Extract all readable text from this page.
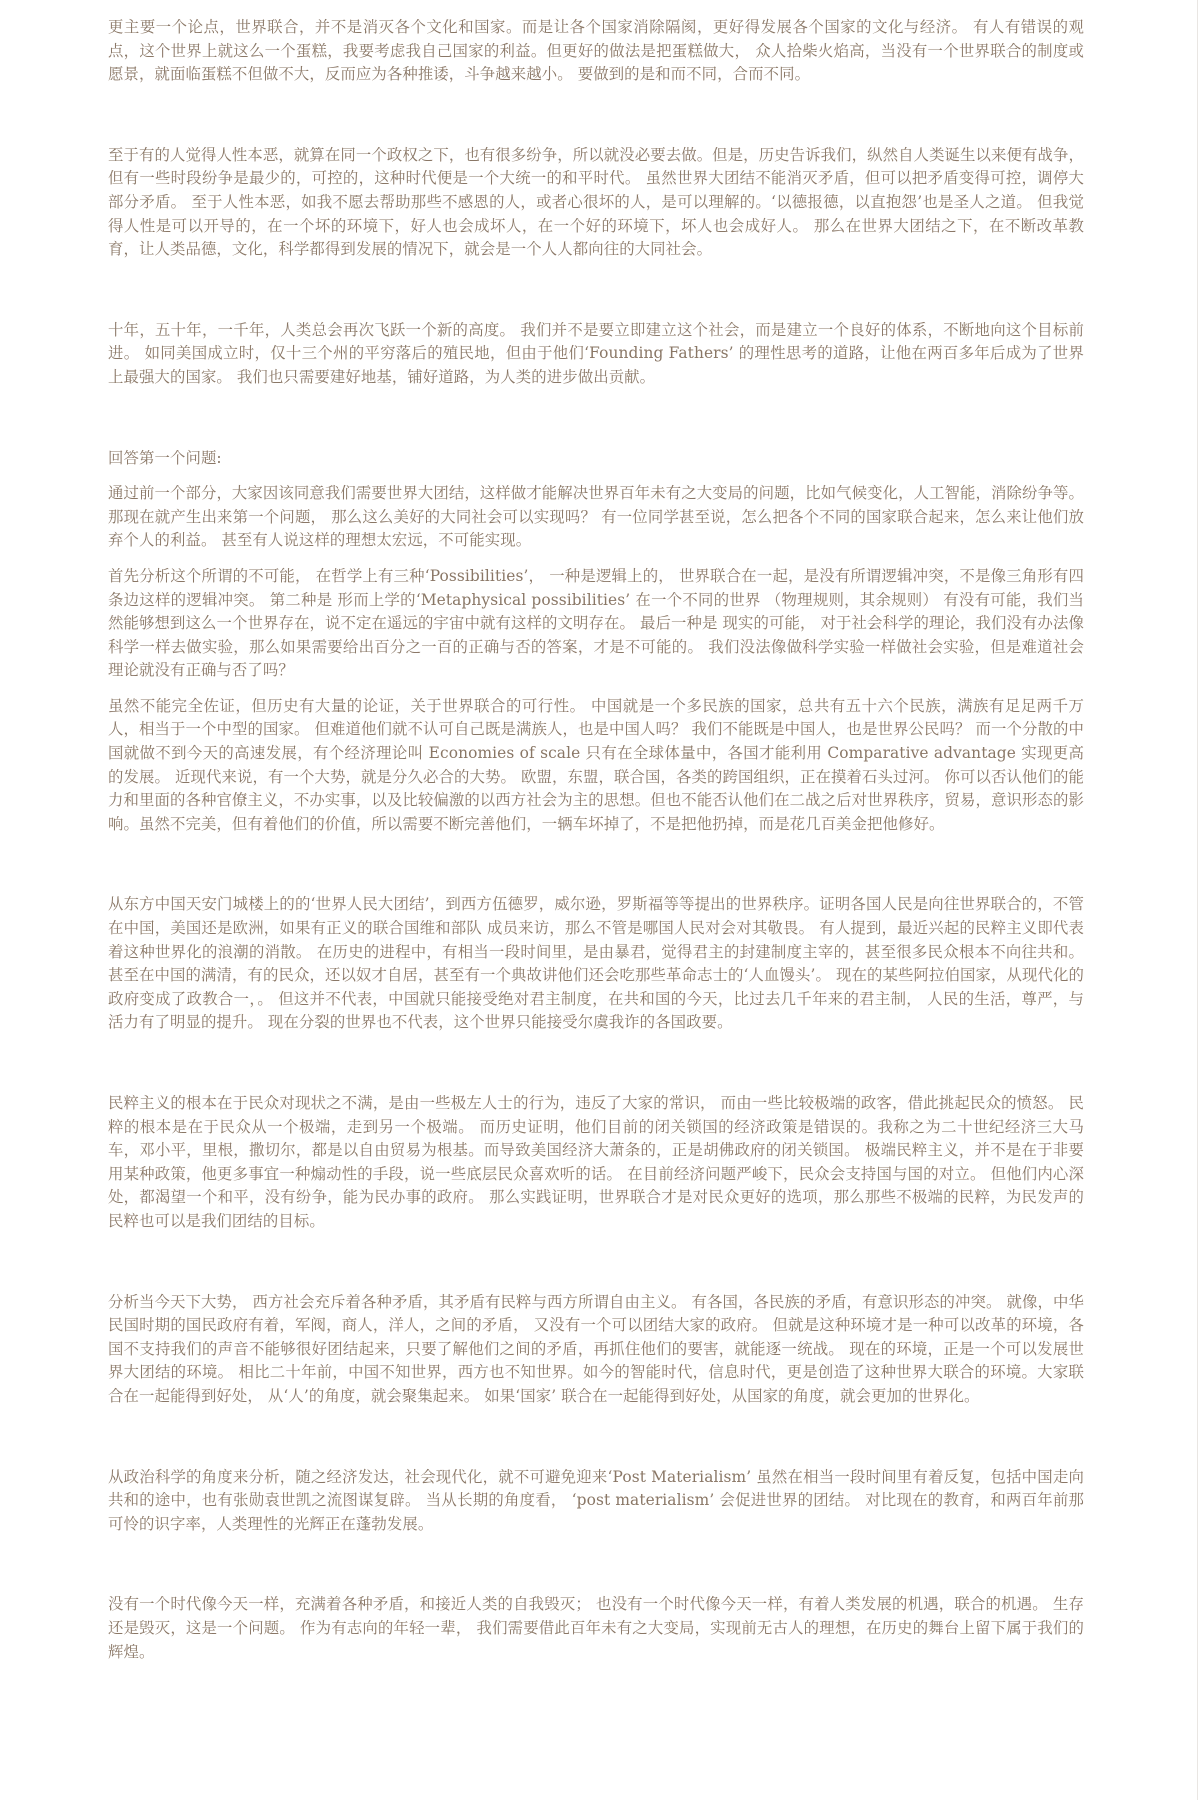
更主要一个论点，世界联合，并不是消灭各个文化和国家。而是让各个国家消除隔阂，更好得发展各个国家的文化与经济。 有人有错误的观点，这个世界上就这么一个蛋糕，我要考虑我自己国家的利益。但更好的做法是把蛋糕做大， 众人拾柴火焰高，当没有一个世界联合的制度或愿景，就面临蛋糕不但做不大，反而应为各种推诿，斗争越来越小。 要做到的是和而不同，合而不同。

至于有的人觉得人性本恶，就算在同一个政权之下，也有很多纷争，所以就没必要去做。但是，历史告诉我们，纵然自人类诞生以来便有战争，但有一些时段纷争是最少的，可控的，这种时代便是一个大统一的和平时代。 虽然世界大团结不能消灭矛盾，但可以把矛盾变得可控，调停大部分矛盾。 至于人性本恶，如我不愿去帮助那些不感恩的人，或者心很坏的人，是可以理解的。‘以德报德，以直抱怨’也是圣人之道。 但我觉得人性是可以开导的，在一个坏的环境下，好人也会成坏人，在一个好的环境下，坏人也会成好人。 那么在世界大团结之下，在不断改革教育，让人类品德，文化，科学都得到发展的情况下，就会是一个人人都向往的大同社会。

十年，五十年，一千年，人类总会再次飞跃一个新的高度。 我们并不是要立即建立这个社会，而是建立一个良好的体系，不断地向这个目标前进。 如同美国成立时，仅十三个州的平穷落后的殖民地，但由于他们‘Founding Fathers’ 的理性思考的道路，让他在两百多年后成为了世界上最强大的国家。 我们也只需要建好地基，铺好道路，为人类的进步做出贡献。

回答第一个问题:

通过前一个部分，大家因该同意我们需要世界大团结，这样做才能解决世界百年未有之大变局的问题，比如气候变化，人工智能，消除纷争等。 那现在就产生出来第一个问题， 那么这么美好的大同社会可以实现吗？ 有一位同学甚至说，怎么把各个不同的国家联合起来，怎么来让他们放弃个人的利益。 甚至有人说这样的理想太宏远，不可能实现。

首先分析这个所谓的不可能， 在哲学上有三种‘Possibilities’， 一种是逻辑上的， 世界联合在一起，是没有所谓逻辑冲突，不是像三角形有四条边这样的逻辑冲突。 第二种是 形而上学的‘Metaphysical possibilities’ 在一个不同的世界 （物理规则，其余规则） 有没有可能，我们当然能够想到这么一个世界存在，说不定在遥远的宇宙中就有这样的文明存在。 最后一种是 现实的可能， 对于社会科学的理论，我们没有办法像科学一样去做实验，那么如果需要给出百分之一百的正确与否的答案，才是不可能的。 我们没法像做科学实验一样做社会实验，但是难道社会理论就没有正确与否了吗？

虽然不能完全佐证，但历史有大量的论证，关于世界联合的可行性。 中国就是一个多民族的国家，总共有五十六个民族，满族有足足两千万人，相当于一个中型的国家。 但难道他们就不认可自己既是满族人，也是中国人吗？ 我们不能既是中国人，也是世界公民吗？ 而一个分散的中国就做不到今天的高速发展，有个经济理论叫 Economies of scale 只有在全球体量中，各国才能利用 Comparative advantage 实现更高的发展。 近现代来说，有一个大势，就是分久必合的大势。 欧盟，东盟，联合国，各类的跨国组织，正在摸着石头过河。 你可以否认他们的能力和里面的各种官僚主义，不办实事，以及比较偏激的以西方社会为主的思想。但也不能否认他们在二战之后对世界秩序，贸易，意识形态的影响。虽然不完美，但有着他们的价值，所以需要不断完善他们，一辆车坏掉了，不是把他扔掉，而是花几百美金把他修好。

从东方中国天安门城楼上的的‘世界人民大团结’，到西方伍德罗，威尔逊，罗斯福等等提出的世界秩序。证明各国人民是向往世界联合的，不管在中国，美国还是欧洲，如果有正义的联合国维和部队 成员来访，那么不管是哪国人民对会对其敬畏。 有人提到，最近兴起的民粹主义即代表着这种世界化的浪潮的消散。 在历史的进程中，有相当一段时间里，是由暴君，觉得君主的封建制度主宰的，甚至很多民众根本不向往共和。 甚至在中国的满清，有的民众，还以奴才自居，甚至有一个典故讲他们还会吃那些革命志士的‘人血馒头’。 现在的某些阿拉伯国家，从现代化的政府变成了政教合一，。 但这并不代表，中国就只能接受绝对君主制度，在共和国的今天，比过去几千年来的君主制， 人民的生活，尊严，与活力有了明显的提升。 现在分裂的世界也不代表，这个世界只能接受尔虞我诈的各国政要。

民粹主义的根本在于民众对现状之不满，是由一些极左人士的行为，违反了大家的常识， 而由一些比较极端的政客，借此挑起民众的愤怒。 民粹的根本是在于民众从一个极端，走到另一个极端。 而历史证明，他们目前的闭关锁国的经济政策是错误的。我称之为二十世纪经济三大马车，邓小平，里根，撒切尔，都是以自由贸易为根基。而导致美国经济大萧条的，正是胡佛政府的闭关锁国。 极端民粹主义，并不是在于非要用某种政策，他更多事宜一种煽动性的手段，说一些底层民众喜欢听的话。 在目前经济问题严峻下，民众会支持国与国的对立。 但他们内心深处，都渴望一个和平，没有纷争，能为民办事的政府。 那么实践证明，世界联合才是对民众更好的选项，那么那些不极端的民粹，为民发声的民粹也可以是我们团结的目标。

分析当今天下大势， 西方社会充斥着各种矛盾，其矛盾有民粹与西方所谓自由主义。 有各国，各民族的矛盾，有意识形态的冲突。 就像，中华民国时期的国民政府有着，军阀，商人，洋人，之间的矛盾， 又没有一个可以团结大家的政府。 但就是这种环境才是一种可以改革的环境，各国不支持我们的声音不能够很好团结起来，只要了解他们之间的矛盾，再抓住他们的要害，就能逐一统战。 现在的环境，正是一个可以发展世界大团结的环境。 相比二十年前，中国不知世界，西方也不知世界。如今的智能时代，信息时代，更是创造了这种世界大联合的环境。大家联合在一起能得到好处， 从‘人’的角度，就会聚集起来。 如果‘国家’ 联合在一起能得到好处，从国家的角度，就会更加的世界化。

从政治科学的角度来分析，随之经济发达，社会现代化，就不可避免迎来‘Post Materialism’ 虽然在相当一段时间里有着反复，包括中国走向共和的途中，也有张勋袁世凯之流图谋复辟。 当从长期的角度看， ‘post materialism’ 会促进世界的团结。 对比现在的教育，和两百年前那可怜的识字率，人类理性的光辉正在蓬勃发展。

没有一个时代像今天一样，充满着各种矛盾，和接近人类的自我毁灭； 也没有一个时代像今天一样，有着人类发展的机遇，联合的机遇。 生存还是毁灭，这是一个问题。 作为有志向的年轻一辈， 我们需要借此百年未有之大变局，实现前无古人的理想，在历史的舞台上留下属于我们的辉煌。
